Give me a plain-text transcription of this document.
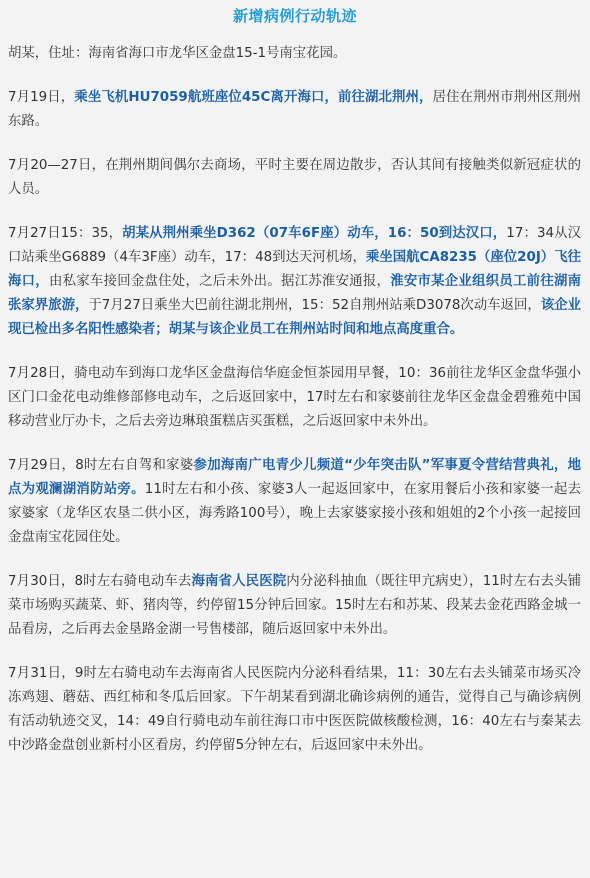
新增病例行动轨迹

胡某，住址：海南省海口市龙华区金盘15-1号南宝花园。

7月19日，乘坐飞机HU7059航班座位45C离开海口，前往湖北荆州，居住在荆州市荆州区荆州东路。

7月20—27日，在荆州期间偶尔去商场，平时主要在周边散步，否认其间有接触类似新冠症状的人员。

7月27日15：35，胡某从荆州乘坐D362（07车6F座）动车，16：50到达汉口，17：34从汉口站乘坐G6889（4车3F座）动车，17：48到达天河机场，乘坐国航CA8235（座位20J）飞往海口，由私家车接回金盘住处，之后未外出。据江苏淮安通报，淮安市某企业组织员工前往湖南张家界旅游，于7月27日乘坐大巴前往湖北荆州，15：52自荆州站乘D3078次动车返回，该企业现已检出多名阳性感染者；胡某与该企业员工在荆州站时间和地点高度重合。

7月28日，骑电动车到海口龙华区金盘海信华庭金恒茶园用早餐，10：36前往龙华区金盘华强小区门口金花电动维修部修电动车，之后返回家中，17时左右和家婆前往龙华区金盘金碧雅苑中国移动营业厅办卡，之后去旁边琳琅蛋糕店买蛋糕，之后返回家中未外出。

7月29日，8时左右自驾和家婆参加海南广电青少儿频道“少年突击队”军事夏令营结营典礼，地点为观澜湖消防站旁。11时左右和小孩、家婆3人一起返回家中，在家用餐后小孩和家婆一起去家婆家（龙华区农垦二供小区，海秀路100号），晚上去家婆家接小孩和姐姐的2个小孩一起接回金盘南宝花园住处。

7月30日，8时左右骑电动车去海南省人民医院内分泌科抽血（既往甲亢病史），11时左右去头铺菜市场购买蔬菜、虾、猪肉等，约停留15分钟后回家。15时左右和苏某、段某去金花西路金城一品看房，之后再去金垦路金湖一号售楼部，随后返回家中未外出。

7月31日，9时左右骑电动车去海南省人民医院内分泌科看结果，11：30左右去头铺菜市场买冷冻鸡翅、蘑菇、西红柿和冬瓜后回家。下午胡某看到湖北确诊病例的通告，觉得自己与确诊病例有活动轨迹交叉，14：49自行骑电动车前往海口市中医医院做核酸检测，16：40左右与秦某去中沙路金盘创业新村小区看房，约停留5分钟左右，后返回家中未外出。
